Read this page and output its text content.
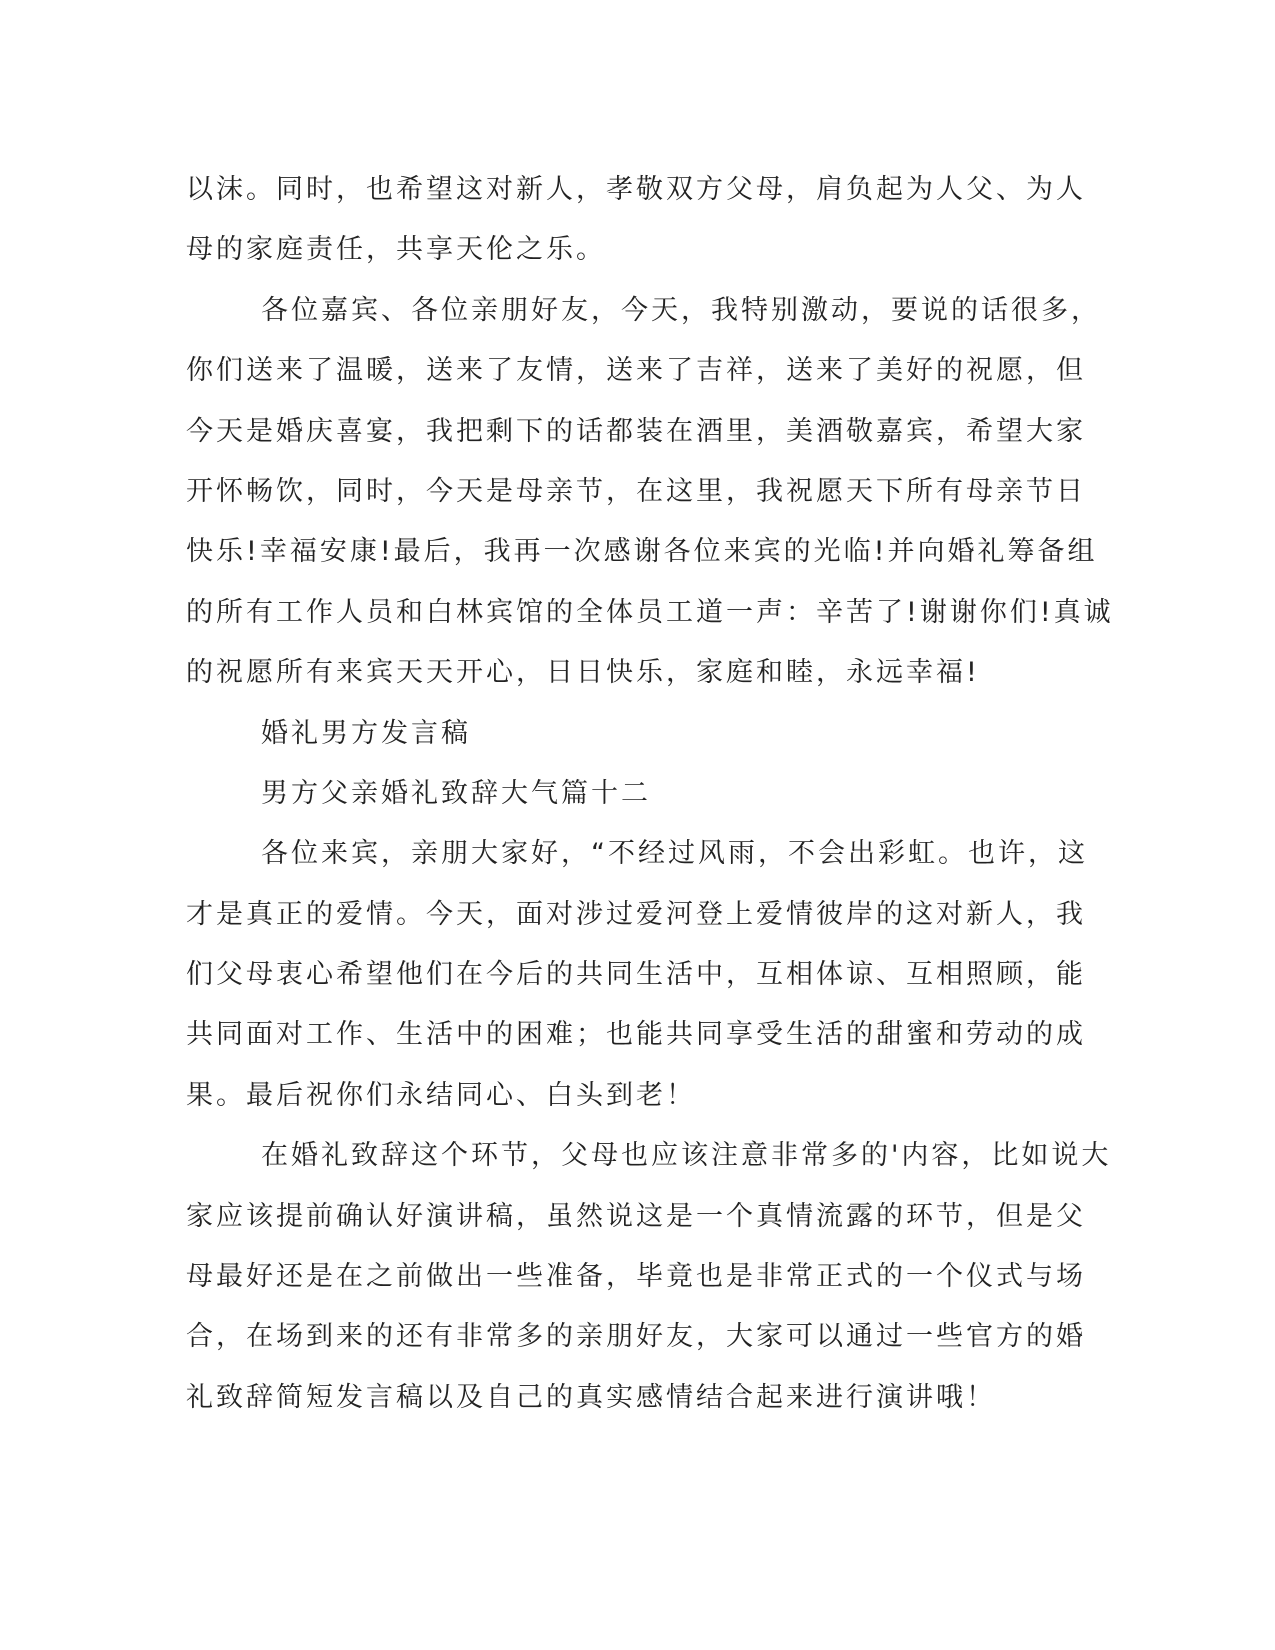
以沫。同时，也希望这对新人，孝敬双方父母，肩负起为人父、为人
母的家庭责任，共享天伦之乐。
各位嘉宾、各位亲朋好友，今天，我特别激动，要说的话很多，
你们送来了温暖，送来了友情，送来了吉祥，送来了美好的祝愿，但
今天是婚庆喜宴，我把剩下的话都装在酒里，美酒敬嘉宾，希望大家
开怀畅饮，同时，今天是母亲节，在这里，我祝愿天下所有母亲节日
快乐!幸福安康!最后，我再一次感谢各位来宾的光临!并向婚礼筹备组
的所有工作人员和白林宾馆的全体员工道一声：辛苦了!谢谢你们!真诚
的祝愿所有来宾天天开心，日日快乐，家庭和睦，永远幸福!
婚礼男方发言稿
男方父亲婚礼致辞大气篇十二
各位来宾，亲朋大家好，“不经过风雨，不会出彩虹。也许，这
才是真正的爱情。今天，面对涉过爱河登上爱情彼岸的这对新人，我
们父母衷心希望他们在今后的共同生活中，互相体谅、互相照顾，能
共同面对工作、生活中的困难；也能共同享受生活的甜蜜和劳动的成
果。最后祝你们永结同心、白头到老！
在婚礼致辞这个环节，父母也应该注意非常多的'内容，比如说大
家应该提前确认好演讲稿，虽然说这是一个真情流露的环节，但是父
母最好还是在之前做出一些准备，毕竟也是非常正式的一个仪式与场
合，在场到来的还有非常多的亲朋好友，大家可以通过一些官方的婚
礼致辞简短发言稿以及自己的真实感情结合起来进行演讲哦！
